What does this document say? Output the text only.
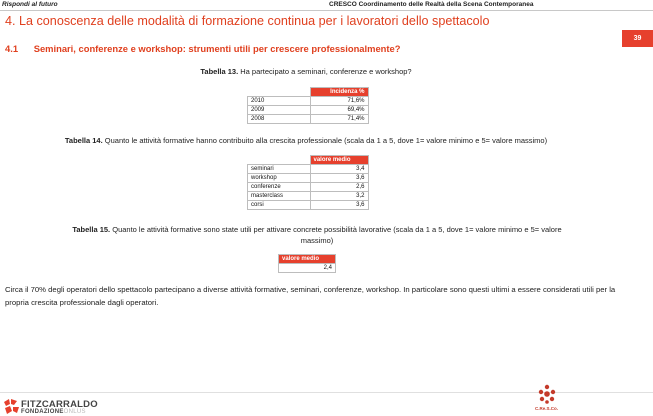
Rispondi al futuro	CRESCO Coordinamento delle Realtà della Scena Contemporanea
39
4. La conoscenza delle modalità di formazione continua per i lavoratori dello spettacolo
4.1 Seminari, conferenze e workshop: strumenti utili per crescere professionalmente?
Tabella 13. Ha partecipato a seminari, conferenze e workshop?
	Incidenza %
2010	71,6%
2009	69,4%
2008	71,4%
Tabella 14. Quanto le attività formative hanno contribuito alla crescita professionale (scala da 1 a 5, dove 1= valore minimo e 5= valore massimo)
	valore medio
seminari	3,4
workshop	3,6
conferenze	2,6
masterclass	3,2
corsi	3,6
Tabella 15. Quanto le attività formative sono state utili per attivare concrete possibilità lavorative (scala da 1 a 5, dove 1= valore minimo e 5= valore
massimo)
valore medio
2,4
Circa il 70% degli operatori dello spettacolo partecipano a diverse attività formative, seminari, conferenze, workshop. In particolare sono questi ultimi a essere considerati utili per la propria crescita professionale dagli operatori.
FITZCARRALDO
FONDAZIONEONLUS
C.Re.S.Co.
